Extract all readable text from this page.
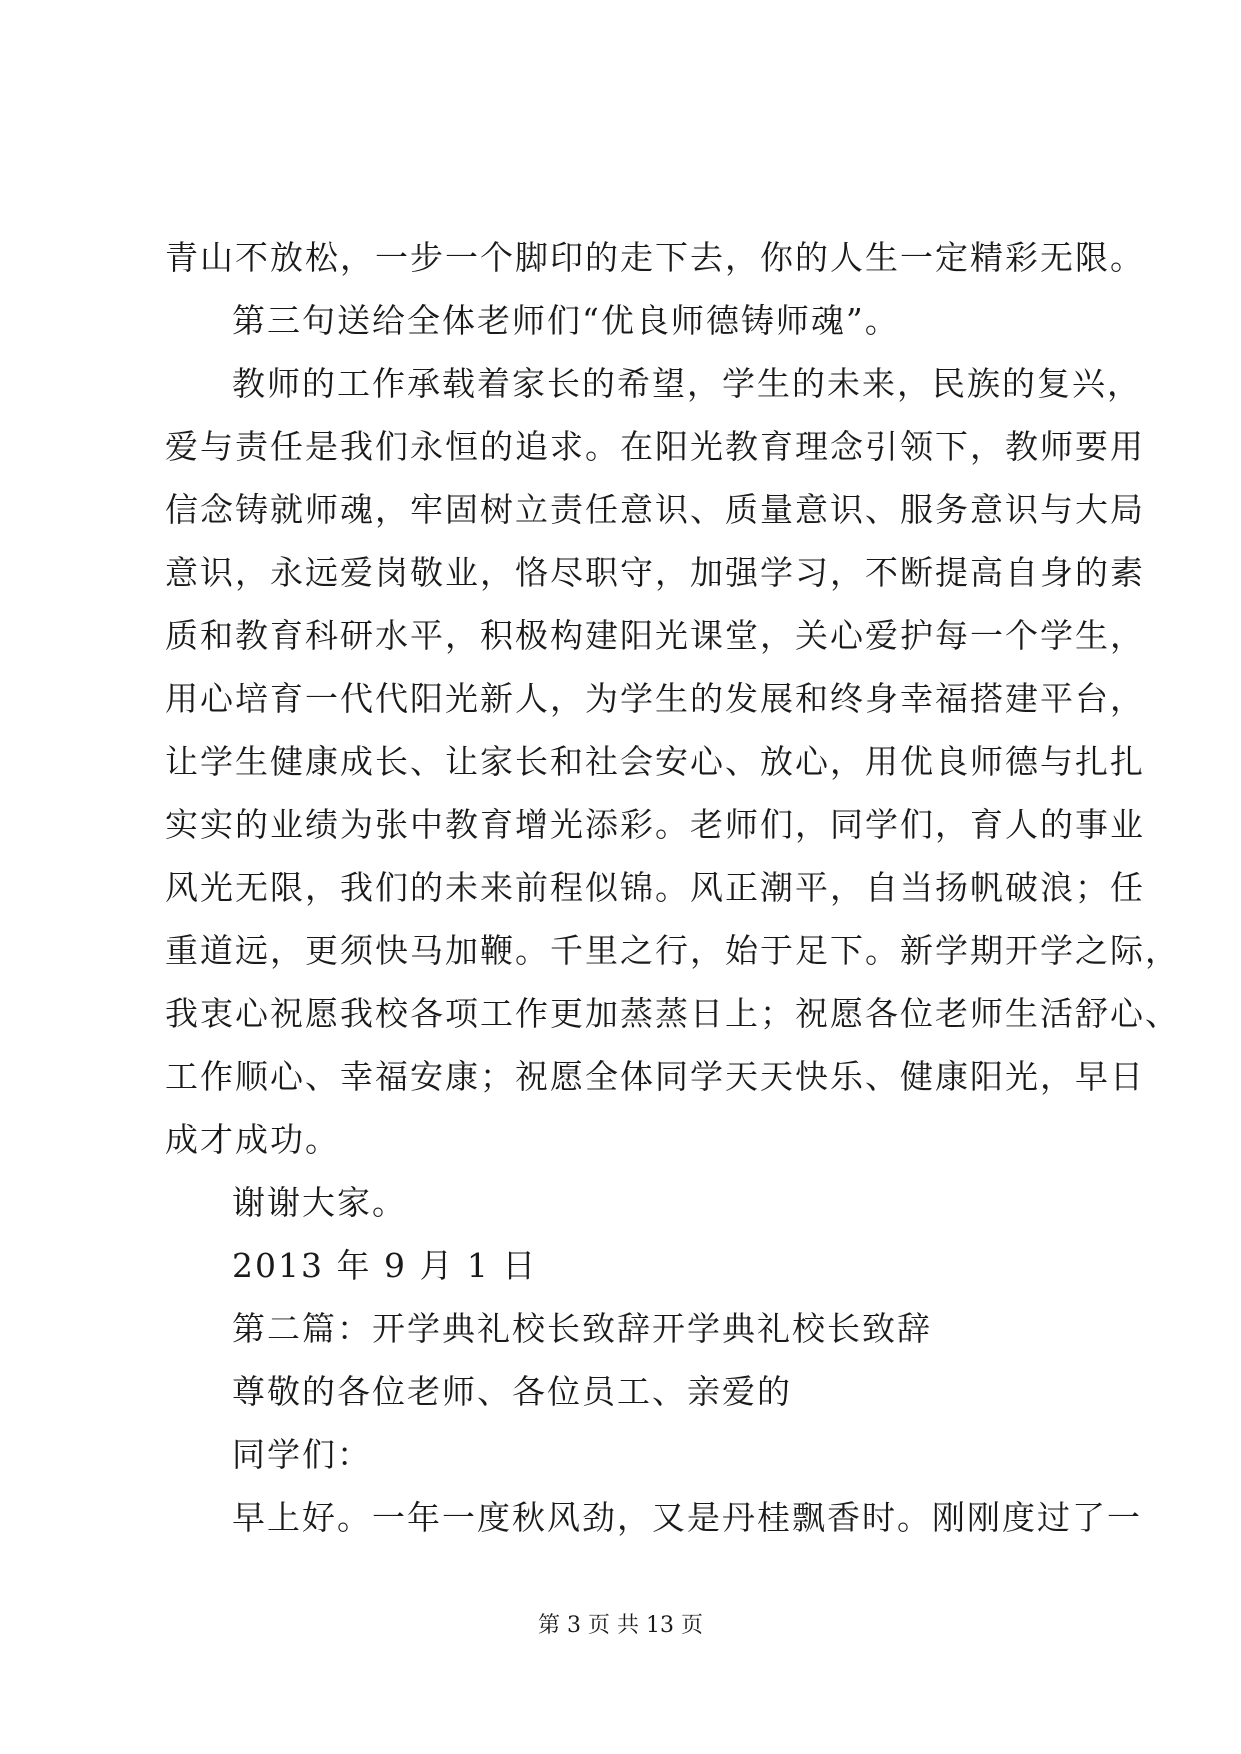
青山不放松，一步一个脚印的走下去，你的人生一定精彩无限。
第三句送给全体老师们“优良师德铸师魂”。
教师的工作承载着家长的希望，学生的未来，民族的复兴，
爱与责任是我们永恒的追求。在阳光教育理念引领下，教师要用
信念铸就师魂，牢固树立责任意识、质量意识、服务意识与大局
意识，永远爱岗敬业，恪尽职守，加强学习，不断提高自身的素
质和教育科研水平，积极构建阳光课堂，关心爱护每一个学生，
用心培育一代代阳光新人，为学生的发展和终身幸福搭建平台，
让学生健康成长、让家长和社会安心、放心，用优良师德与扎扎
实实的业绩为张中教育增光添彩。老师们，同学们，育人的事业
风光无限，我们的未来前程似锦。风正潮平，自当扬帆破浪；任
重道远，更须快马加鞭。千里之行，始于足下。新学期开学之际，
我衷心祝愿我校各项工作更加蒸蒸日上；祝愿各位老师生活舒心、
工作顺心、幸福安康；祝愿全体同学天天快乐、健康阳光，早日
成才成功。
谢谢大家。
2013 年 9 月 1 日
第二篇：开学典礼校长致辞开学典礼校长致辞
尊敬的各位老师、各位员工、亲爱的
同学们：
早上好。一年一度秋风劲，又是丹桂飘香时。刚刚度过了一
第 3 页 共 13 页
